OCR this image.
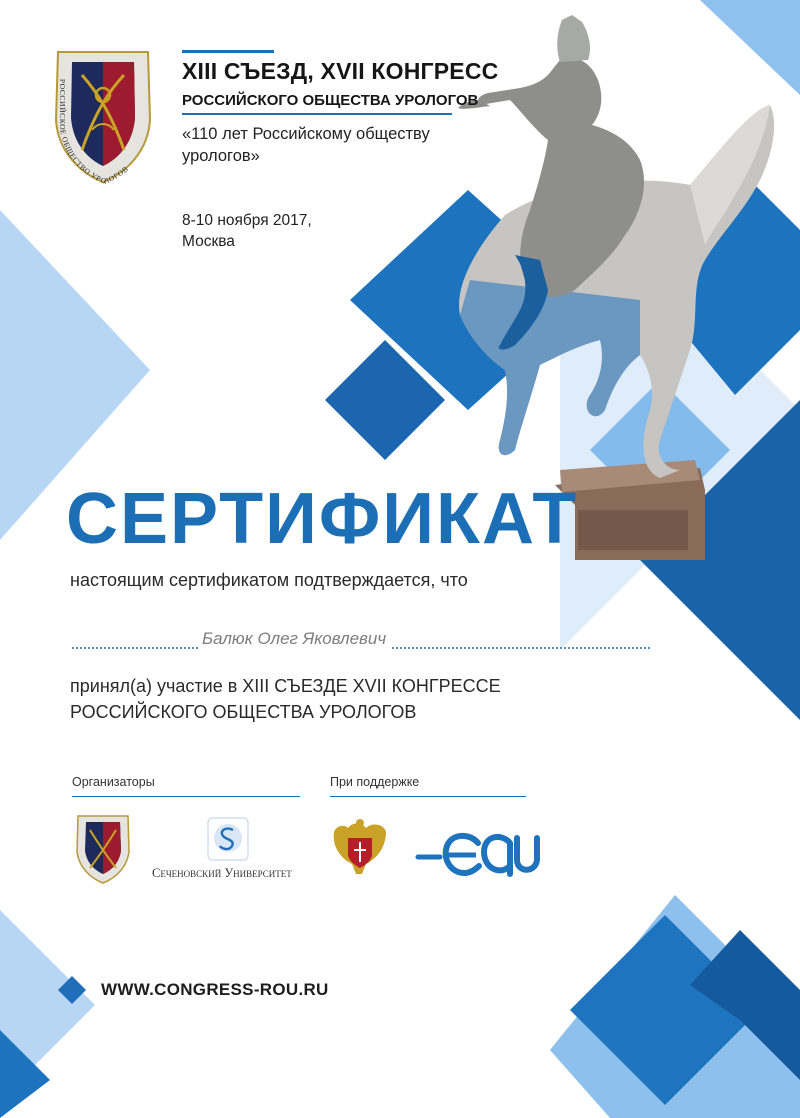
XIII СЪЕЗД, XVII КОНГРЕСС
РОССИЙСКОГО ОБЩЕСТВА УРОЛОГОВ
«110 лет Российскому обществу урологов»
8-10 ноября 2017,
Москва
РОССИЙСКОЕ ОБЩЕСТВО УРОЛОГОВ
СЕРТИФИКАТ
настоящим сертификатом подтверждается, что
Балюк Олег Яковлевич
принял(а) участие в XIII СЪЕЗДЕ XVII КОНГРЕССЕ
РОССИЙСКОГО ОБЩЕСТВА УРОЛОГОВ
Организаторы	При поддержке
Сеченовский Университет
WWW.CONGRESS-ROU.RU
